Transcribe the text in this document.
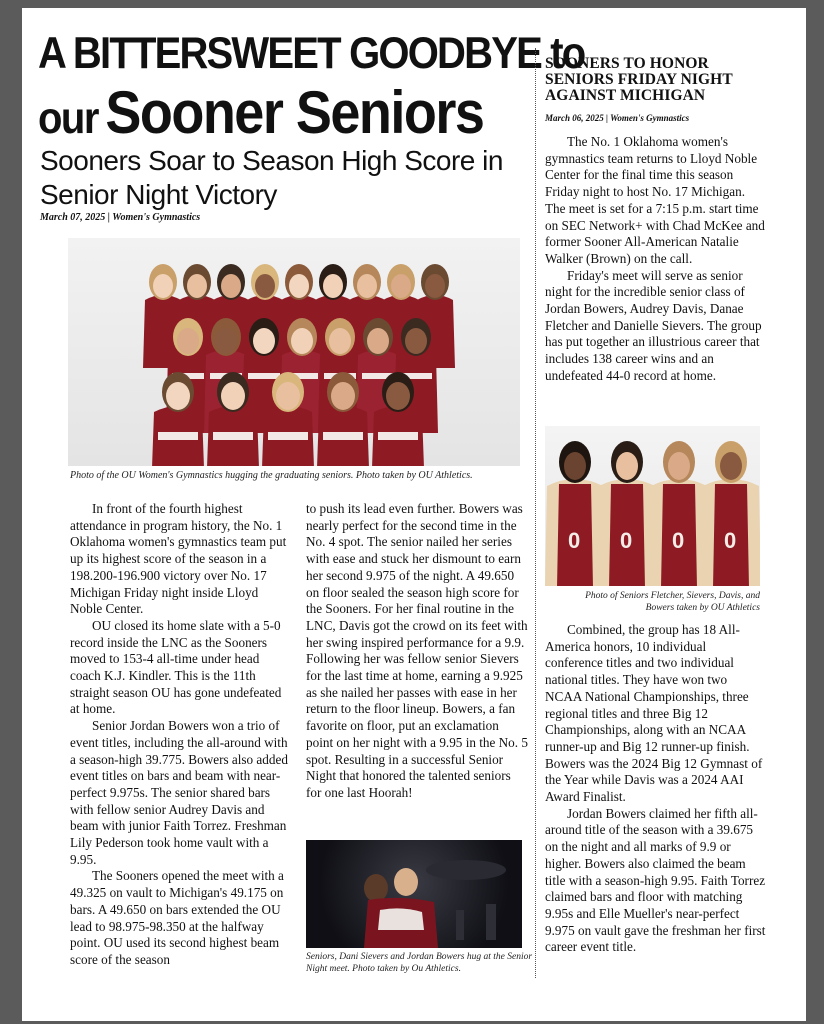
A BITTERSWEET GOODBYE to
our Sooner Seniors
Sooners Soar to Season High Score in Senior Night Victory
March 07, 2025 | Women's Gymnastics
Photo of the OU Women's Gymnastics hugging the graduating seniors. Photo taken by OU Athletics.

In front of the fourth highest attendance in program history, the No. 1 Oklahoma women's gymnastics team put up its highest score of the season in a 198.200-196.900 victory over No. 17 Michigan Friday night inside Lloyd Noble Center.

OU closed its home slate with a 5-0 record inside the LNC as the Sooners moved to 153-4 all-time under head coach K.J. Kindler. This is the 11th straight season OU has gone undefeated at home.

Senior Jordan Bowers won a trio of event titles, including the all-around with a season-high 39.775. Bowers also added event titles on bars and beam with near-perfect 9.975s. The senior shared bars with fellow senior Audrey Davis and beam with junior Faith Torrez. Freshman Lily Pederson took home vault with a 9.95.

The Sooners opened the meet with a 49.325 on vault to Michigan's 49.175 on bars. A 49.650 on bars extended the OU lead to 98.975-98.350 at the halfway point. OU used its second highest beam score of the season

to push its lead even further. Bowers was nearly perfect for the second time in the No. 4 spot. The senior nailed her series with ease and stuck her dismount to earn her second 9.975 of the night. A 49.650 on floor sealed the season high score for the Sooners. For her final routine in the LNC, Davis got the crowd on its feet with her swing inspired performance for a 9.9. Following her was fellow senior Sievers for the last time at home, earning a 9.925 as she nailed her passes with ease in her return to the floor lineup. Bowers, a fan favorite on floor, put an exclamation point on her night with a 9.95 in the No. 5 spot. Resulting in a successful Senior Night that honored the talented seniors for one last Hoorah!

Seniors, Dani Sievers and Jordan Bowers hug at the Senior Night meet. Photo taken by Ou Athletics.
SOONERS TO HONOR SENIORS FRIDAY NIGHT AGAINST MICHIGAN
March 06, 2025 | Women's Gymnastics

The No. 1 Oklahoma women's gymnastics team returns to Lloyd Noble Center for the final time this season Friday night to host No. 17 Michigan. The meet is set for a 7:15 p.m. start time on SEC Network+ with Chad McKee and former Sooner All-American Natalie Walker (Brown) on the call.

Friday's meet will serve as senior night for the incredible senior class of Jordan Bowers, Audrey Davis, Danae Fletcher and Danielle Sievers. The group has put together an illustrious career that includes 138 career wins and an undefeated 44-0 record at home.

0 0 0 0
Photo of Seniors Fletcher, Sievers, Davis, and Bowers taken by OU Athletics

Combined, the group has 18 All-America honors, 10 individual conference titles and two individual national titles. They have won two NCAA National Championships, three regional titles and three Big 12 Championships, along with an NCAA runner-up and Big 12 runner-up finish. Bowers was the 2024 Big 12 Gymnast of the Year while Davis was a 2024 AAI Award Finalist.

Jordan Bowers claimed her fifth all-around title of the season with a 39.675 on the night and all marks of 9.9 or higher. Bowers also claimed the beam title with a season-high 9.95. Faith Torrez claimed bars and floor with matching 9.95s and Elle Mueller's near-perfect 9.975 on vault gave the freshman her first career event title.
